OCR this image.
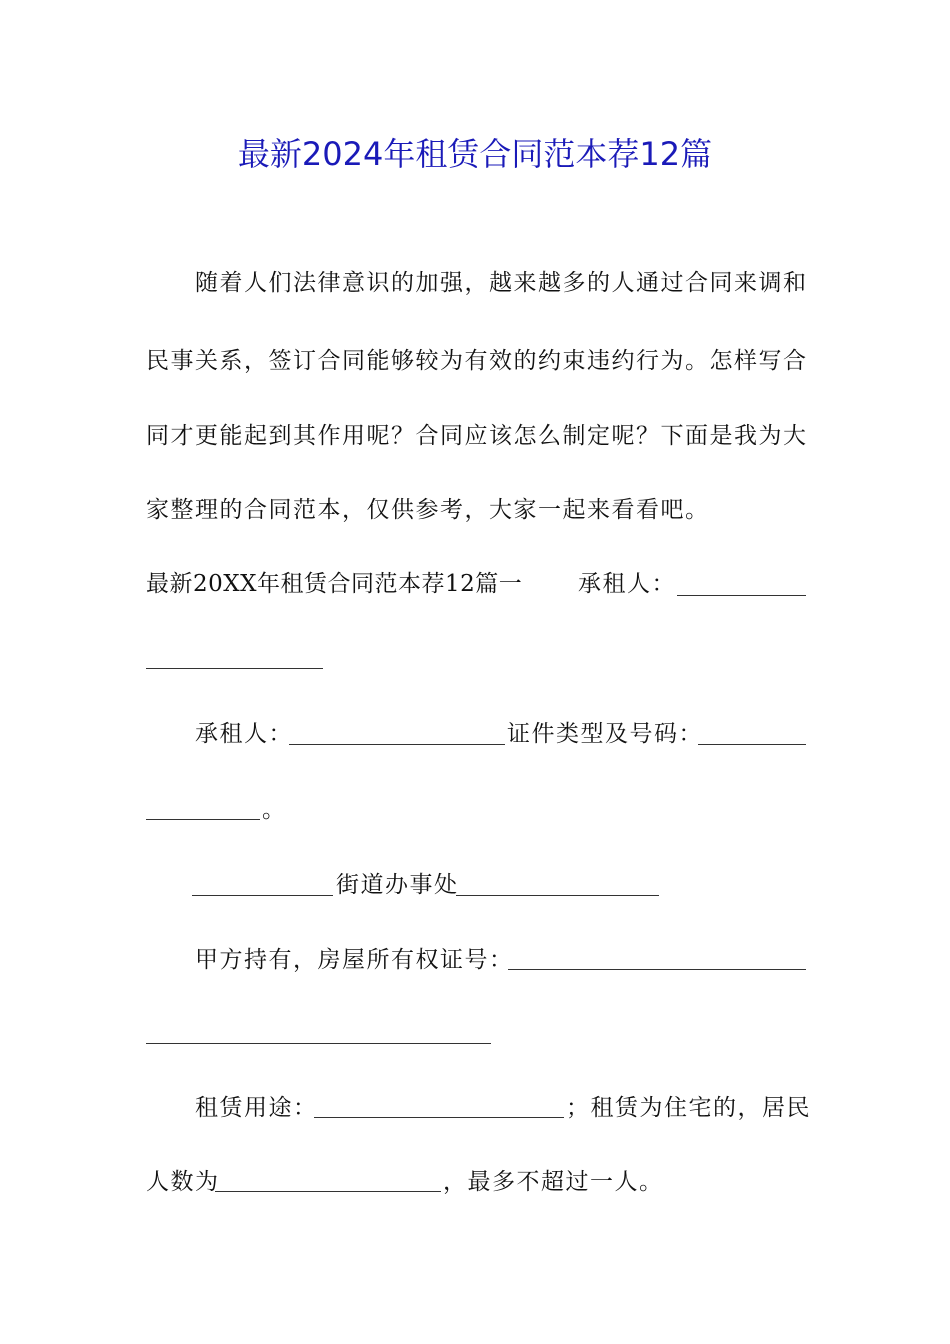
最新2024年租赁合同范本荐12篇
随着人们法律意识的加强，越来越多的人通过合同来调和
民事关系，签订合同能够较为有效的约束违约行为。怎样写合
同才更能起到其作用呢？合同应该怎么制定呢？下面是我为大
家整理的合同范本，仅供参考，大家一起来看看吧。
最新20XX年租赁合同范本荐12篇一	承租人：
承租人：	证件类型及号码：
。
街道办事处
甲方持有，房屋所有权证号：
租赁用途：	；租赁为住宅的，居民
人数为	，最多不超过一人。
